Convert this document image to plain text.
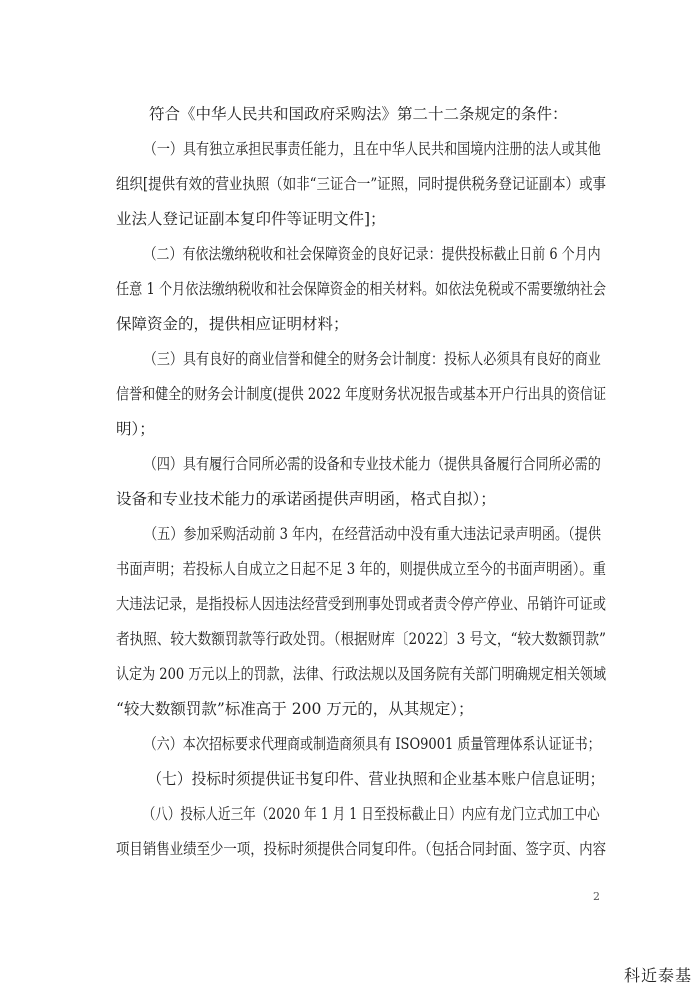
符合《中华人民共和国政府采购法》第二十二条规定的条件：
（一）具有独立承担民事责任能力，且在中华人民共和国境内注册的法人或其他
组织[提供有效的营业执照（如非“三证合一”证照，同时提供税务登记证副本）或事
业法人登记证副本复印件等证明文件]；
（二）有依法缴纳税收和社会保障资金的良好记录：提供投标截止日前 6 个月内
任意 1 个月依法缴纳税收和社会保障资金的相关材料。如依法免税或不需要缴纳社会
保障资金的，提供相应证明材料；
（三）具有良好的商业信誉和健全的财务会计制度：投标人必须具有良好的商业
信誉和健全的财务会计制度(提供 2022 年度财务状况报告或基本开户行出具的资信证
明）；
（四）具有履行合同所必需的设备和专业技术能力（提供具备履行合同所必需的
设备和专业技术能力的承诺函提供声明函，格式自拟）；
（五）参加采购活动前 3 年内，在经营活动中没有重大违法记录声明函。（提供
书面声明；若投标人自成立之日起不足 3 年的，则提供成立至今的书面声明函）。重
大违法记录，是指投标人因违法经营受到刑事处罚或者责令停产停业、吊销许可证或
者执照、较大数额罚款等行政处罚。（根据财库〔2022〕3 号文，“较大数额罚款”
认定为 200 万元以上的罚款，法律、行政法规以及国务院有关部门明确规定相关领域
“较大数额罚款”标准高于 200 万元的，从其规定）；
（六）本次招标要求代理商或制造商须具有 ISO9001 质量管理体系认证证书；
（七）投标时须提供证书复印件、营业执照和企业基本账户信息证明；
（八）投标人近三年（2020 年 1 月 1 日至投标截止日）内应有龙门立式加工中心
项目销售业绩至少一项，投标时须提供合同复印件。（包括合同封面、签字页、内容
2
科近泰基
